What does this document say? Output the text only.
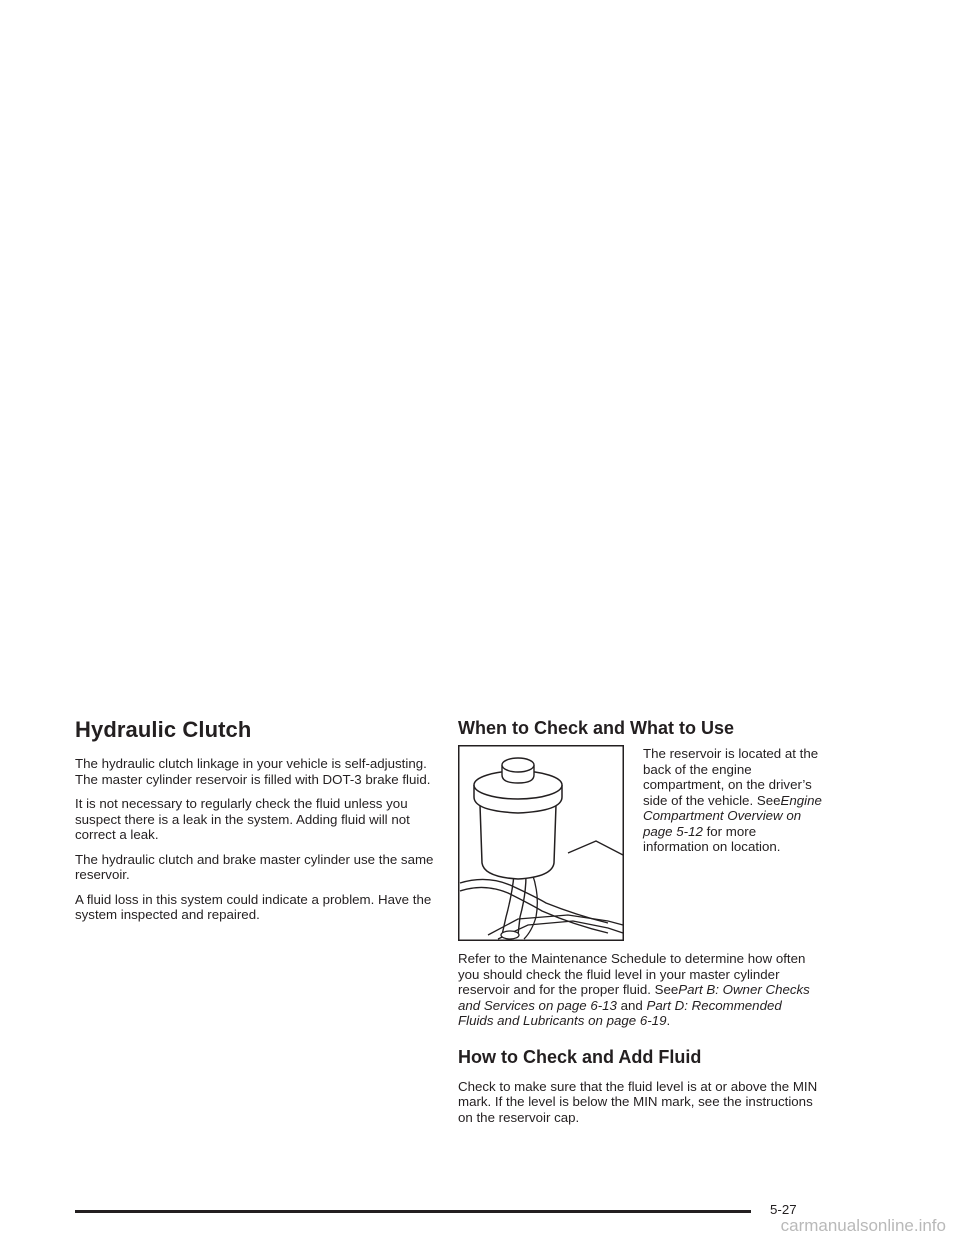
Hydraulic Clutch

The hydraulic clutch linkage in your vehicle is self-adjusting. The master cylinder reservoir is filled with DOT-3 brake fluid.

It is not necessary to regularly check the fluid unless you suspect there is a leak in the system. Adding fluid will not correct a leak.

The hydraulic clutch and brake master cylinder use the same reservoir.

A fluid loss in this system could indicate a problem. Have the system inspected and repaired.

When to Check and What to Use

The reservoir is located at the back of the engine compartment, on the driver’s side of the vehicle. SeeEngine Compartment Overview on page 5-12 for more information on location.

Refer to the Maintenance Schedule to determine how often you should check the fluid level in your master cylinder reservoir and for the proper fluid. SeePart B: Owner Checks and Services on page 6-13 and Part D: Recommended Fluids and Lubricants on page 6-19.

How to Check and Add Fluid

Check to make sure that the fluid level is at or above the MIN mark. If the level is below the MIN mark, see the instructions on the reservoir cap.

5-27
carmanualsonline.info
